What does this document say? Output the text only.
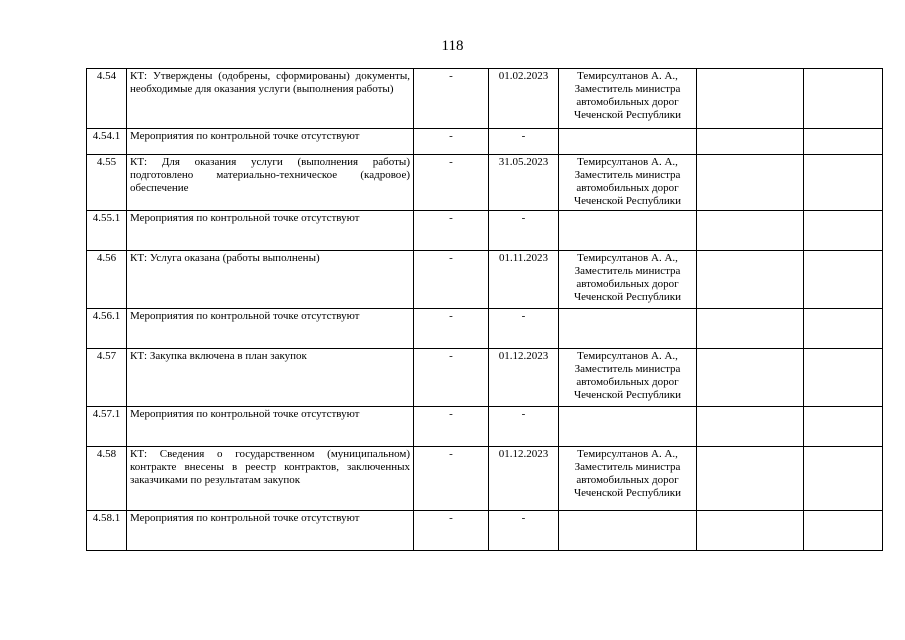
118
4.54	КТ: Утверждены (одобрены, сформированы) документы, необходимые для оказания услуги (выполнения работы)	-	01.02.2023	Темирсултанов А. А., Заместитель министра автомобильных дорог Чеченской Республики		
4.54.1	Мероприятия по контрольной точке отсутствуют	-	-			
4.55	КТ: Для оказания услуги (выполнения работы) подготовлено материально-техническое (кадровое) обеспечение	-	31.05.2023	Темирсултанов А. А., Заместитель министра автомобильных дорог Чеченской Республики		
4.55.1	Мероприятия по контрольной точке отсутствуют	-	-			
4.56	КТ: Услуга оказана (работы выполнены)	-	01.11.2023	Темирсултанов А. А., Заместитель министра автомобильных дорог Чеченской Республики		
4.56.1	Мероприятия по контрольной точке отсутствуют	-	-			
4.57	КТ: Закупка включена в план закупок	-	01.12.2023	Темирсултанов А. А., Заместитель министра автомобильных дорог Чеченской Республики		
4.57.1	Мероприятия по контрольной точке отсутствуют	-	-			
4.58	КТ: Сведения о государственном (муниципальном) контракте внесены в реестр контрактов, заключенных заказчиками по результатам закупок	-	01.12.2023	Темирсултанов А. А., Заместитель министра автомобильных дорог Чеченской Республики		
4.58.1	Мероприятия по контрольной точке отсутствуют	-	-			
